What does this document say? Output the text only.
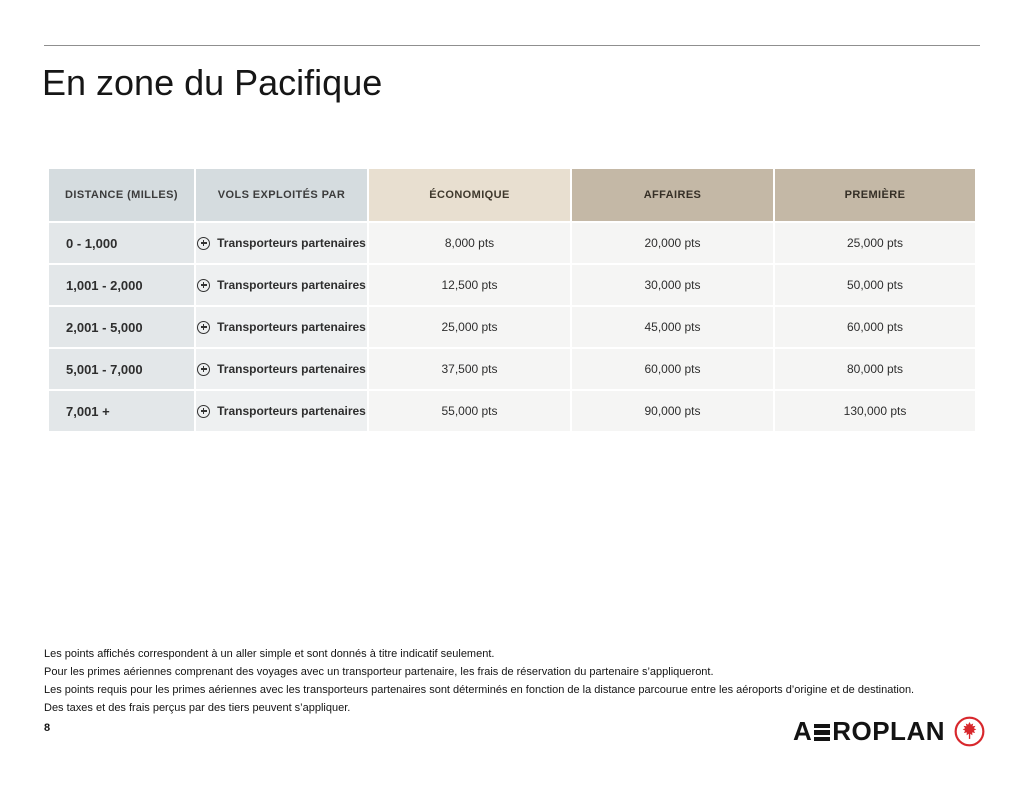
En zone du Pacifique
DISTANCE (MILLES)	VOLS EXPLOITÉS PAR	ÉCONOMIQUE	AFFAIRES	PREMIÈRE
0 - 1,000	Transporteurs partenaires	8,000 pts	20,000 pts	25,000 pts
1,001 - 2,000	Transporteurs partenaires	12,500 pts	30,000 pts	50,000 pts
2,001 - 5,000	Transporteurs partenaires	25,000 pts	45,000 pts	60,000 pts
5,001 - 7,000	Transporteurs partenaires	37,500 pts	60,000 pts	80,000 pts
7,001 +	Transporteurs partenaires	55,000 pts	90,000 pts	130,000 pts

Les points affichés correspondent à un aller simple et sont donnés à titre indicatif seulement.

Pour les primes aériennes comprenant des voyages avec un transporteur partenaire, les frais de réservation du partenaire s’appliqueront.

Les points requis pour les primes aériennes avec les transporteurs partenaires sont déterminés en fonction de la distance parcourue entre les aéroports d’origine et de destination.

Des taxes et des frais perçus par des tiers peuvent s’appliquer.

8	A ROPLAN
